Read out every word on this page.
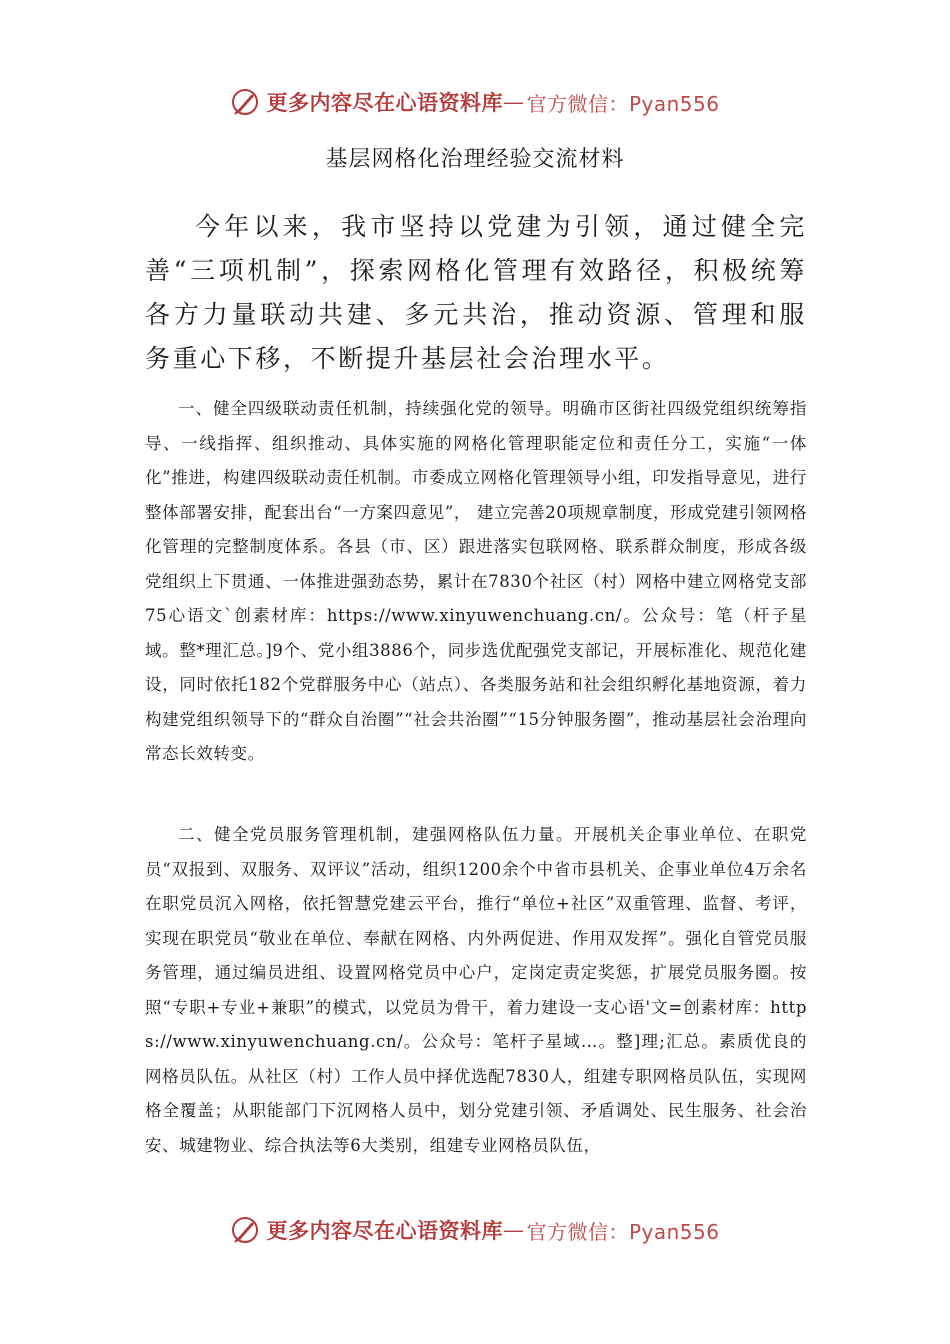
更多内容尽在心语资料库 — 官方微信：Pyan556
基层网格化治理经验交流材料

今年以来，我市坚持以党建为引领，通过健全完善“三项机制”，探索网格化管理有效路径，积极统筹各方力量联动共建、多元共治，推动资源、管理和服务重心下移，不断提升基层社会治理水平。

一、健全四级联动责任机制，持续强化党的领导。明确市区街社四级党组织统筹指导、一线指挥、组织推动、具体实施的网格化管理职能定位和责任分工，实施“一体化”推进，构建四级联动责任机制。市委成立网格化管理领导小组，印发指导意见，进行整体部署安排，配套出台“一方案四意见”， 建立完善20项规章制度，形成党建引领网格化管理的完整制度体系。各县（市、区）跟进落实包联网格、联系群众制度，形成各级党组织上下贯通、一体推进强劲态势，累计在7830个社区（村）网格中建立网格党支部75心语文`创素材库：https://www.xinyuwenchuang.cn/。公众号：笔（杆子星域。整*理汇总。]9个、党小组3886个，同步选优配强党支部记，开展标准化、规范化建设，同时依托182个党群服务中心（站点）、各类服务站和社会组织孵化基地资源，着力构建党组织领导下的“群众自治圈”“社会共治圈”“15分钟服务圈”，推动基层社会治理向常态长效转变。

二、健全党员服务管理机制，建强网格队伍力量。开展机关企事业单位、在职党员“双报到、双服务、双评议”活动，组织1200余个中省市县机关、企事业单位4万余名在职党员沉入网格，依托智慧党建云平台，推行“单位+社区”双重管理、监督、考评，实现在职党员“敬业在单位、奉献在网格、内外两促进、作用双发挥”。强化自管党员服务管理，通过编员进组、设置网格党员中心户，定岗定责定奖惩，扩展党员服务圈。按照“专职+专业+兼职”的模式，以党员为骨干，着力建设一支心语'文=创素材库：https://www.xinyuwenchuang.cn/。公众号：笔杆子星域…。整]理;汇总。素质优良的网格员队伍。从社区（村）工作人员中择优选配7830人，组建专职网格员队伍，实现网格全覆盖；从职能部门下沉网格人员中，划分党建引领、矛盾调处、民生服务、社会治安、城建物业、综合执法等6大类别，组建专业网格员队伍，

更多内容尽在心语资料库 — 官方微信：Pyan556
